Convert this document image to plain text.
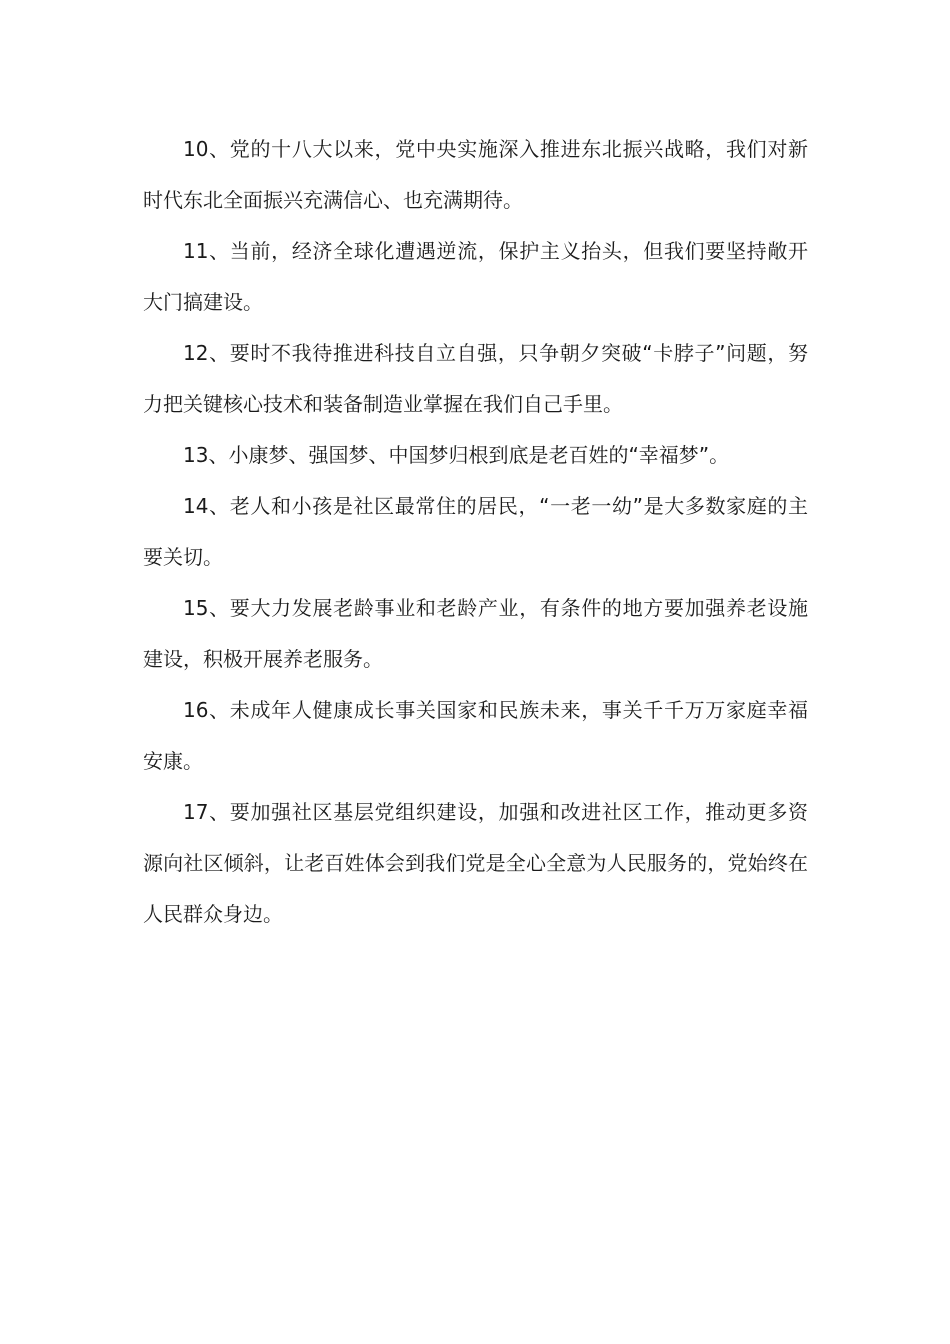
10、党的十八大以来，党中央实施深入推进东北振兴战略，我们对新时代东北全面振兴充满信心、也充满期待。

11、当前，经济全球化遭遇逆流，保护主义抬头，但我们要坚持敞开大门搞建设。

12、要时不我待推进科技自立自强，只争朝夕突破“卡脖子”问题，努力把关键核心技术和装备制造业掌握在我们自己手里。

13、小康梦、强国梦、中国梦归根到底是老百姓的“幸福梦”。

14、老人和小孩是社区最常住的居民，“一老一幼”是大多数家庭的主要关切。

15、要大力发展老龄事业和老龄产业，有条件的地方要加强养老设施建设，积极开展养老服务。

16、未成年人健康成长事关国家和民族未来，事关千千万万家庭幸福安康。

17、要加强社区基层党组织建设，加强和改进社区工作，推动更多资源向社区倾斜，让老百姓体会到我们党是全心全意为人民服务的，党始终在人民群众身边。
